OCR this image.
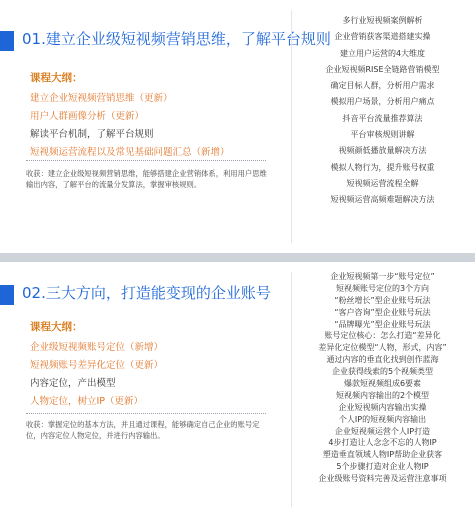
01.建立企业级短视频营销思维，了解平台规则
课程大纲：
建立企业短视频营销思维（更新）
用户人群画像分析（更新）
解读平台机制，了解平台规则
短视频运营流程以及常见基础问题汇总（新增）
收获：建立企业级短视频营销思维，能够搭建企业营销体系，利用用户思维输出内容，了解平台的流量分发算法，掌握审核规则。
多行业短视频案例解析
企业营销获客渠道搭建实操
建立用户运营的4大维度
企业短视频RISE全链路营销模型
确定目标人群，分析用户需求
模拟用户场景，分析用户痛点
抖音平台流量推荐算法
平台审核规则讲解
视频颜低播放量解决方法
模拟人物行为，提升账号权重
短视频运营流程全解
短视频运营高频难题解决方法
02.三大方向，打造能变现的企业账号
课程大纲：
企业级短视频账号定位（新增）
短视频账号差异化定位（更新）
内容定位，产出模型
人物定位，树立IP（更新）
收获：掌握定位的基本方法，并且通过课程，能够确定自己企业的账号定位，内容定位人物定位，并进行内容输出。
企业短视频第一步“账号定位”
短视频账号定位的3个方向
“粉丝增长”型企业账号玩法
“客户咨询”型企业账号玩法
“品牌曝光”型企业账号玩法
账号定位核心：怎么打造“差异化
差异化定位模型“人物，形式，内容”
通过内容的垂直化找到创作蓝海
企业获得线索的5个视频类型
爆款短视频组成6要素
短视频内容输出的2个模型
企业短视频内容输出实操
个人IP的短视频内容输出
企业短视频运营个人IP打造
4步打造让人念念不忘的人物IP
塑造垂直领域人物IP帮助企业获客
5个步骤打造对企业人物IP
企业级账号资料完善及运营注意事项
